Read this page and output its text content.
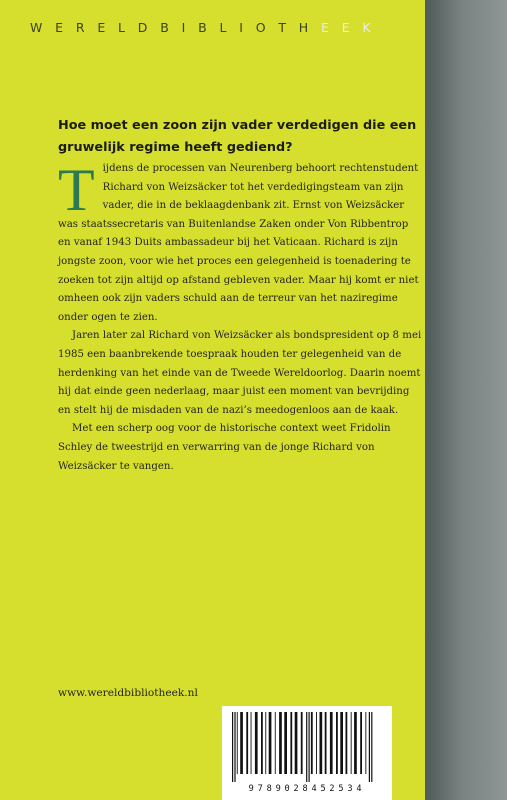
WERELDBIBLIOTHEEK

Hoe moet een zoon zijn vader verdedigen die een gruwelijk regime heeft gediend?

Tijdens de processen van Neurenberg behoort rechtenstudent Richard von Weizsäcker tot het verdedigingsteam van zijn vader, die in de beklaagdenbank zit. Ernst von Weizsäcker was staatssecretaris van Buitenlandse Zaken onder Von Ribbentrop en vanaf 1943 Duits ambassadeur bij het Vaticaan. Richard is zijn jongste zoon, voor wie het proces een gelegenheid is toenadering te zoeken tot zijn altijd op afstand gebleven vader. Maar hij komt er niet omheen ook zijn vaders schuld aan de terreur van het naziregime onder ogen te zien.

Jaren later zal Richard von Weizsäcker als bondspresident op 8 mei 1985 een baanbrekende toespraak houden ter gelegenheid van de herdenking van het einde van de Tweede Wereldoorlog. Daarin noemt hij dat einde geen nederlaag, maar juist een moment van bevrijding en stelt hij de misdaden van de nazi’s meedogenloos aan de kaak.

Met een scherp oog voor de historische context weet Fridolin Schley de tweestrijd en verwarring van de jonge Richard von Weizsäcker te vangen.

www.wereldbibliotheek.nl
9789028452534
